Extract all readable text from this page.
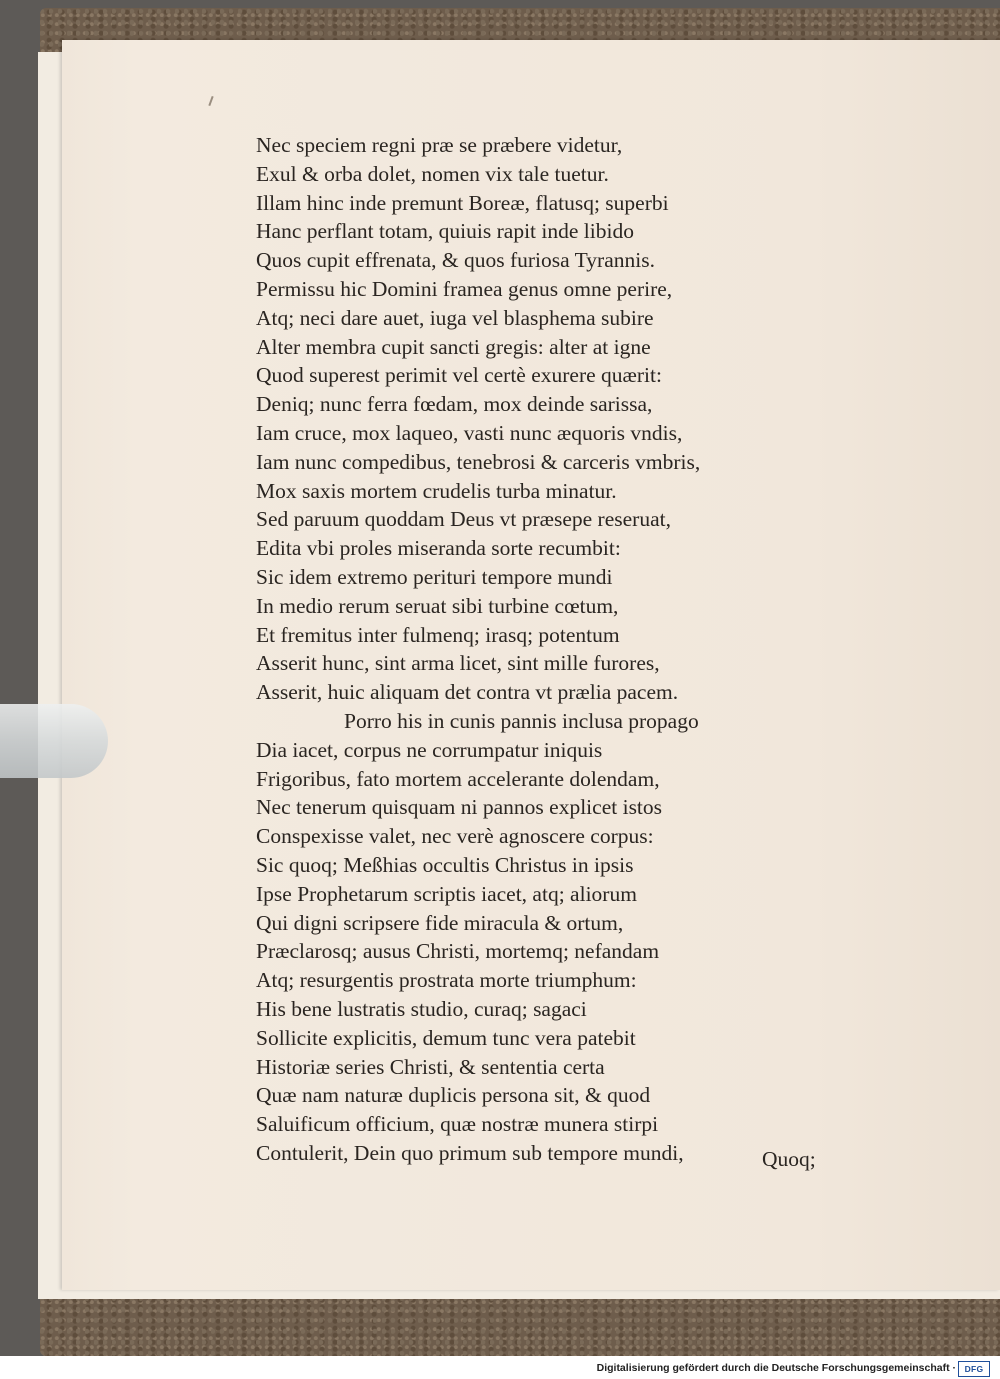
Nec speciem regni præ se præbere videtur,
Exul & orba dolet, nomen vix tale tuetur.
Illam hinc inde premunt Boreæ, flatusq; superbi
Hanc perflant totam, quiuis rapit inde libido
Quos cupit effrenata, & quos furiosa Tyrannis.
Permissu hic Domini framea genus omne perire,
Atq; neci dare auet, iuga vel blasphema subire
Alter membra cupit sancti gregis: alter at igne
Quod superest perimit vel certè exurere quærit:
Deniq; nunc ferra fœdam, mox deinde sarissa,
Iam cruce, mox laqueo, vasti nunc æquoris vndis,
Iam nunc compedibus, tenebrosi & carceris vmbris,
Mox saxis mortem crudelis turba minatur.
Sed paruum quoddam Deus vt præsepe reseruat,
Edita vbi proles miseranda sorte recumbit:
Sic idem extremo perituri tempore mundi
In medio rerum seruat sibi turbine cœtum,
Et fremitus inter fulmenq; irasq; potentum
Asserit hunc, sint arma licet, sint mille furores,
Asserit, huic aliquam det contra vt prælia pacem.
Porro his in cunis pannis inclusa propago
Dia iacet, corpus ne corrumpatur iniquis
Frigoribus, fato mortem accelerante dolendam,
Nec tenerum quisquam ni pannos explicet istos
Conspexisse valet, nec verè agnoscere corpus:
Sic quoq; Meßhias occultis Christus in ipsis
Ipse Prophetarum scriptis iacet, atq; aliorum
Qui digni scripsere fide miracula & ortum,
Præclarosq; ausus Christi, mortemq; nefandam
Atq; resurgentis prostrata morte triumphum:
His bene lustratis studio, curaq; sagaci
Sollicite explicitis, demum tunc vera patebit
Historiæ series Christi, & sententia certa
Quæ nam naturæ duplicis persona sit, & quod
Saluificum officium, quæ nostræ munera stirpi
Contulerit, Dein quo primum sub tempore mundi,	Quoq;
Digitalisierung gefördert durch die Deutsche Forschungsgemeinschaft ·	DFG
